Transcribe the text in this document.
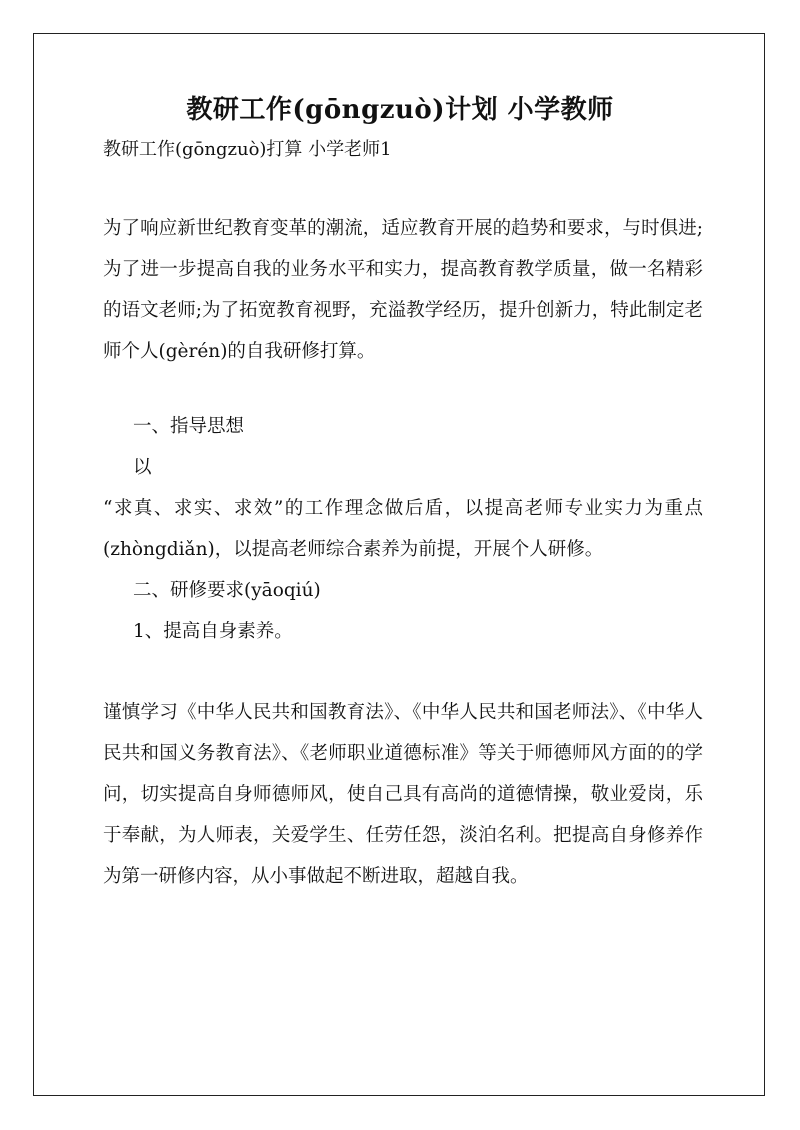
教研工作(gōngzuò)计划 小学教师

教研工作(gōngzuò)打算 小学老师1

为了响应新世纪教育变革的潮流，适应教育开展的趋势和要求，与时俱进;为了进一步提高自我的业务水平和实力，提高教育教学质量，做一名精彩的语文老师;为了拓宽教育视野，充溢教学经历，提升创新力，特此制定老师个人(gèrén)的自我研修打算。

一、指导思想

以

“求真、求实、求效”的工作理念做后盾，以提高老师专业实力为重点(zhòngdiǎn)，以提高老师综合素养为前提，开展个人研修。

二、研修要求(yāoqiú)

1、提高自身素养。

谨慎学习《中华人民共和国教育法》、《中华人民共和国老师法》、《中华人民共和国义务教育法》、《老师职业道德标准》等关于师德师风方面的的学问，切实提高自身师德师风，使自己具有高尚的道德情操，敬业爱岗，乐于奉献，为人师表，关爱学生、任劳任怨，淡泊名利。把提高自身修养作为第一研修内容，从小事做起不断进取，超越自我。
